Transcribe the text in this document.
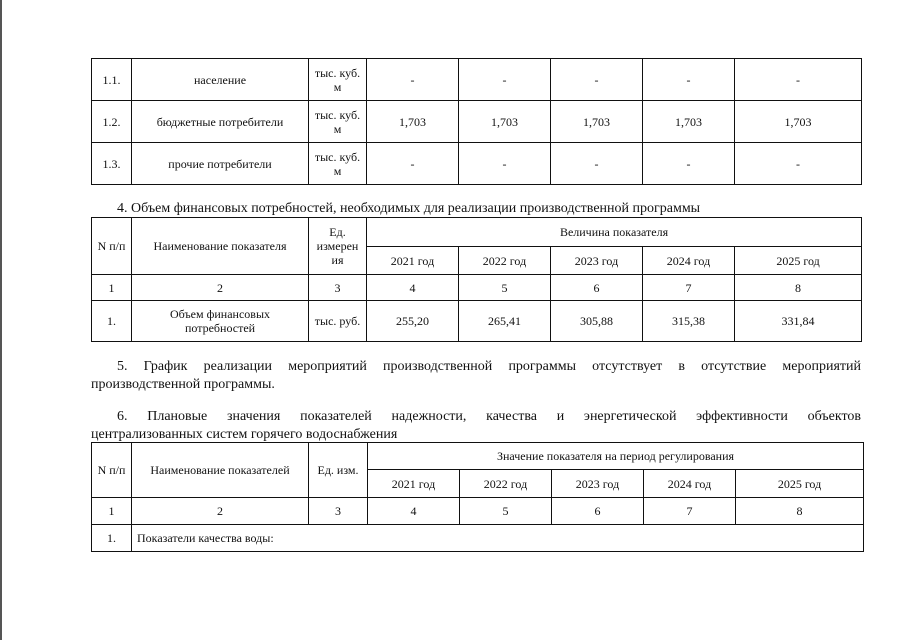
1.1.	население	тыс. куб. м	-	-	-	-	-
1.2.	бюджетные потребители	тыс. куб. м	1,703	1,703	1,703	1,703	1,703
1.3.	прочие потребители	тыс. куб. м	-	-	-	-	-

4. Объем финансовых потребностей, необходимых для реализации производственной программы

N п/п	Наименование показателя	Ед. измерен ия	Величина показателя				
			2021 год	2022 год	2023 год	2024 год	2025 год
1	2	3	4	5	6	7	8
1.	Объем финансовых потребностей	тыс. руб.	255,20	265,41	305,88	315,38	331,84

5. График реализации мероприятий производственной программы отсутствует в отсутствие мероприятий

производственной программы.

6. Плановые значения показателей надежности, качества и энергетической эффективности объектов

централизованных систем горячего водоснабжения

N п/п	Наименование показателей	Ед. изм.	Значение показателя на период регулирования				
			2021 год	2022 год	2023 год	2024 год	2025 год
1	2	3	4	5	6	7	8
1.	Показатели качества воды:						
